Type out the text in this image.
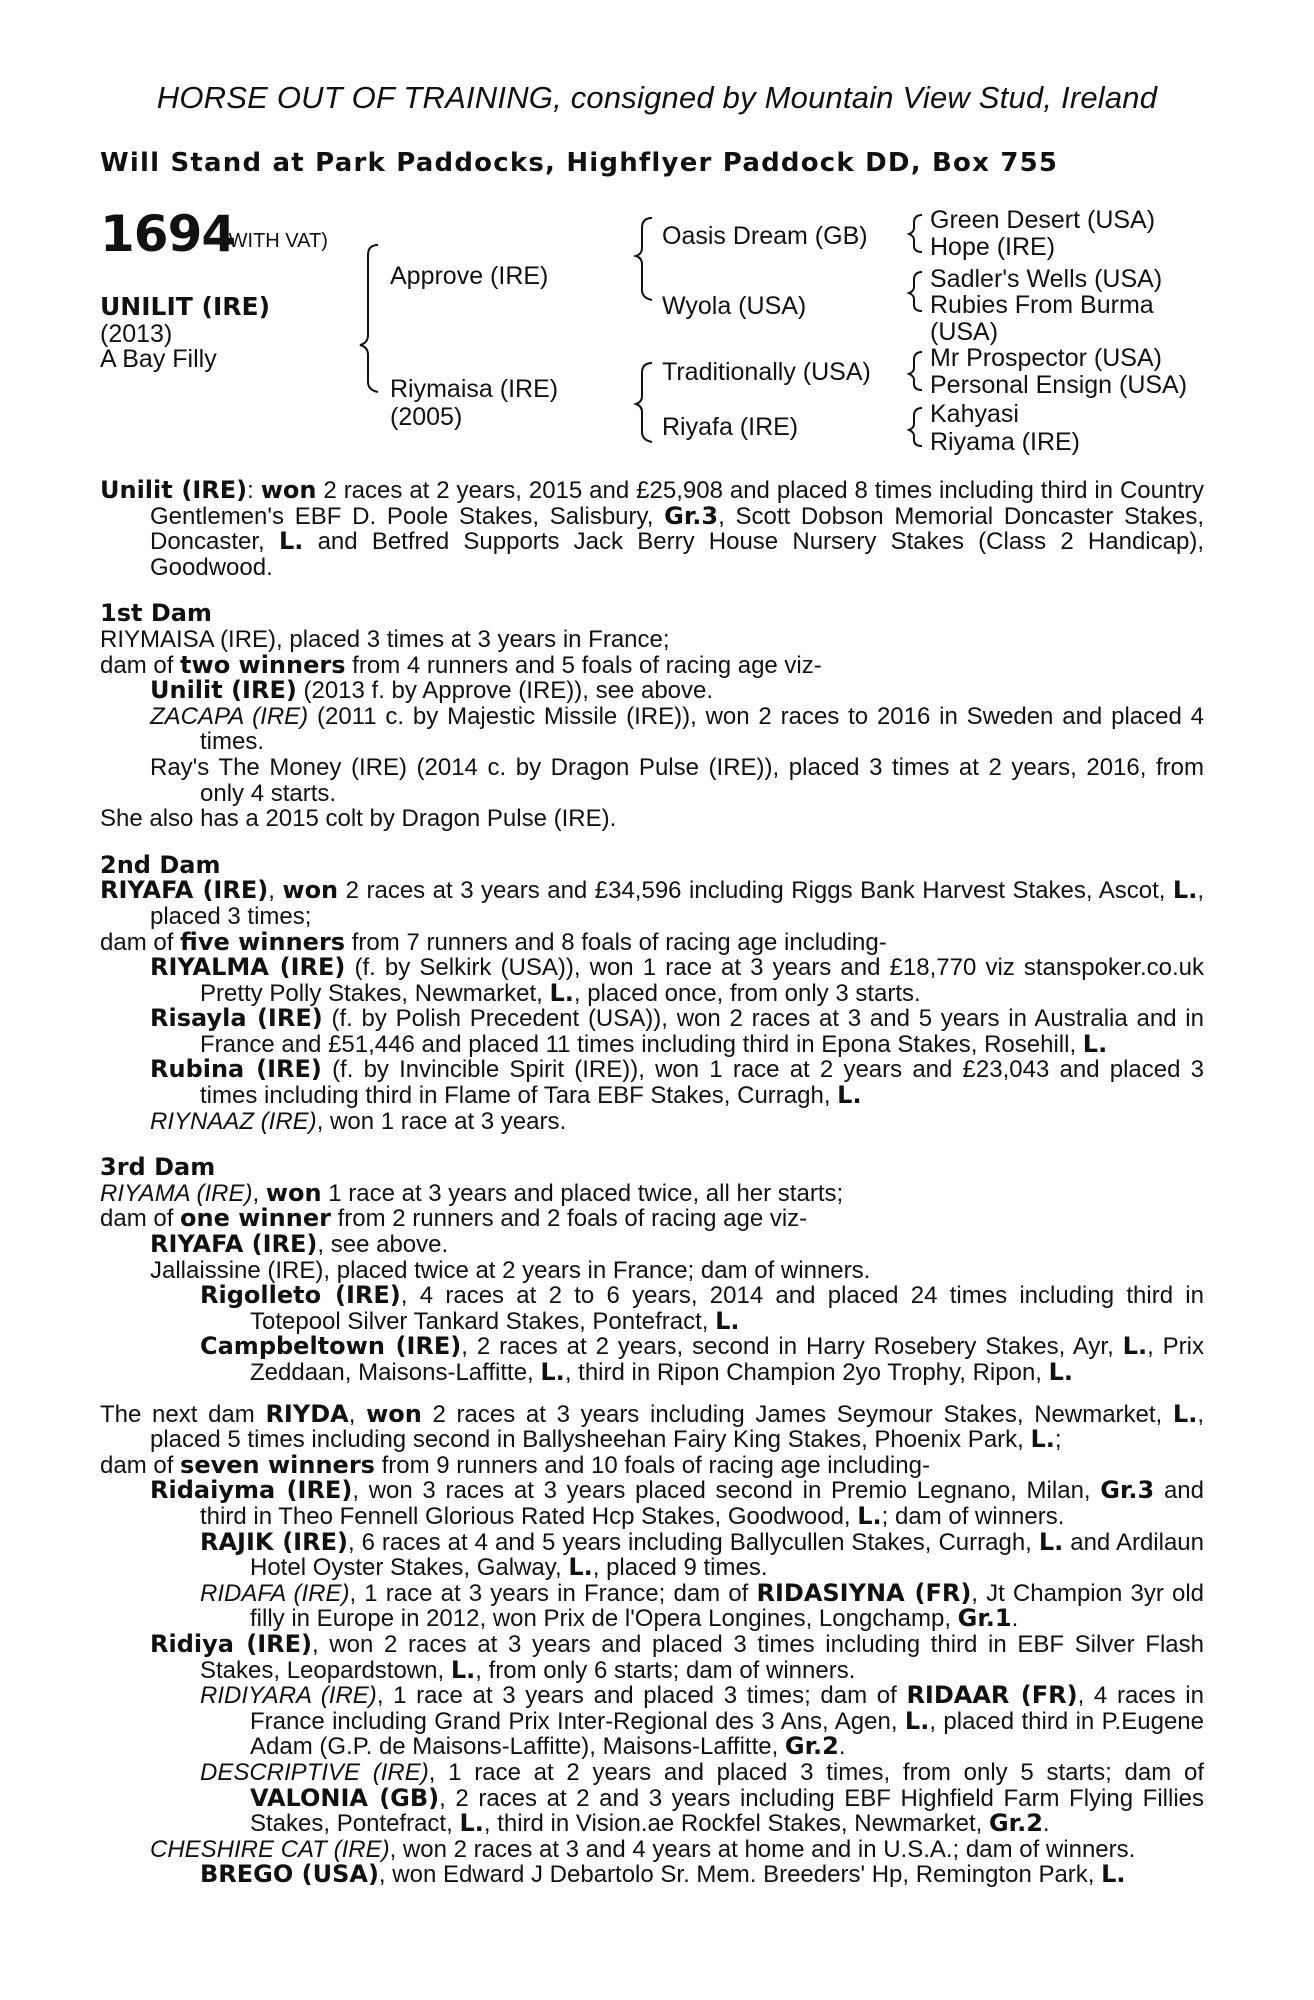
HORSE OUT OF TRAINING, consigned by Mountain View Stud, Ireland
Will Stand at Park Paddocks, Highflyer Paddock DD, Box 755
1694
(WITH VAT)
UNILIT (IRE)
(2013)
A Bay Filly
Approve (IRE)
Riymaisa (IRE)
(2005)
Oasis Dream (GB)
Wyola (USA)
Traditionally (USA)
Riyafa (IRE)
Green Desert (USA)
Hope (IRE)
Sadler's Wells (USA)
Rubies From Burma
(USA)
Mr Prospector (USA)
Personal Ensign (USA)
Kahyasi
Riyama (IRE)

Unilit (IRE): won 2 races at 2 years, 2015 and £25,908 and placed 8 times including third in Country Gentlemen's EBF D. Poole Stakes, Salisbury, Gr.3, Scott Dobson Memorial Doncaster Stakes, Doncaster, L. and Betfred Supports Jack Berry House Nursery Stakes (Class 2 Handicap), Goodwood.

1st Dam

RIYMAISA (IRE), placed 3 times at 3 years in France;

dam of two winners from 4 runners and 5 foals of racing age viz-

Unilit (IRE) (2013 f. by Approve (IRE)), see above.

ZACAPA (IRE) (2011 c. by Majestic Missile (IRE)), won 2 races to 2016 in Sweden and placed 4 times.

Ray's The Money (IRE) (2014 c. by Dragon Pulse (IRE)), placed 3 times at 2 years, 2016, from only 4 starts.

She also has a 2015 colt by Dragon Pulse (IRE).

2nd Dam

RIYAFA (IRE), won 2 races at 3 years and £34,596 including Riggs Bank Harvest Stakes, Ascot, L., placed 3 times;

dam of five winners from 7 runners and 8 foals of racing age including-

RIYALMA (IRE) (f. by Selkirk (USA)), won 1 race at 3 years and £18,770 viz stanspoker.co.uk Pretty Polly Stakes, Newmarket, L., placed once, from only 3 starts.

Risayla (IRE) (f. by Polish Precedent (USA)), won 2 races at 3 and 5 years in Australia and in France and £51,446 and placed 11 times including third in Epona Stakes, Rosehill, L.

Rubina (IRE) (f. by Invincible Spirit (IRE)), won 1 race at 2 years and £23,043 and placed 3 times including third in Flame of Tara EBF Stakes, Curragh, L.

RIYNAAZ (IRE), won 1 race at 3 years.

3rd Dam

RIYAMA (IRE), won 1 race at 3 years and placed twice, all her starts;

dam of one winner from 2 runners and 2 foals of racing age viz-

RIYAFA (IRE), see above.

Jallaissine (IRE), placed twice at 2 years in France; dam of winners.

Rigolleto (IRE), 4 races at 2 to 6 years, 2014 and placed 24 times including third in Totepool Silver Tankard Stakes, Pontefract, L.

Campbeltown (IRE), 2 races at 2 years, second in Harry Rosebery Stakes, Ayr, L., Prix Zeddaan, Maisons-Laffitte, L., third in Ripon Champion 2yo Trophy, Ripon, L.

The next dam RIYDA, won 2 races at 3 years including James Seymour Stakes, Newmarket, L., placed 5 times including second in Ballysheehan Fairy King Stakes, Phoenix Park, L.;

dam of seven winners from 9 runners and 10 foals of racing age including-

Ridaiyma (IRE), won 3 races at 3 years placed second in Premio Legnano, Milan, Gr.3 and third in Theo Fennell Glorious Rated Hcp Stakes, Goodwood, L.; dam of winners.

RAJIK (IRE), 6 races at 4 and 5 years including Ballycullen Stakes, Curragh, L. and Ardilaun Hotel Oyster Stakes, Galway, L., placed 9 times.

RIDAFA (IRE), 1 race at 3 years in France; dam of RIDASIYNA (FR), Jt Champion 3yr old filly in Europe in 2012, won Prix de l'Opera Longines, Longchamp, Gr.1.

Ridiya (IRE), won 2 races at 3 years and placed 3 times including third in EBF Silver Flash Stakes, Leopardstown, L., from only 6 starts; dam of winners.

RIDIYARA (IRE), 1 race at 3 years and placed 3 times; dam of RIDAAR (FR), 4 races in France including Grand Prix Inter-Regional des 3 Ans, Agen, L., placed third in P.Eugene Adam (G.P. de Maisons-Laffitte), Maisons-Laffitte, Gr.2.

DESCRIPTIVE (IRE), 1 race at 2 years and placed 3 times, from only 5 starts; dam of VALONIA (GB), 2 races at 2 and 3 years including EBF Highfield Farm Flying Fillies Stakes, Pontefract, L., third in Vision.ae Rockfel Stakes, Newmarket, Gr.2.

CHESHIRE CAT (IRE), won 2 races at 3 and 4 years at home and in U.S.A.; dam of winners.

BREGO (USA), won Edward J Debartolo Sr. Mem. Breeders' Hp, Remington Park, L.
